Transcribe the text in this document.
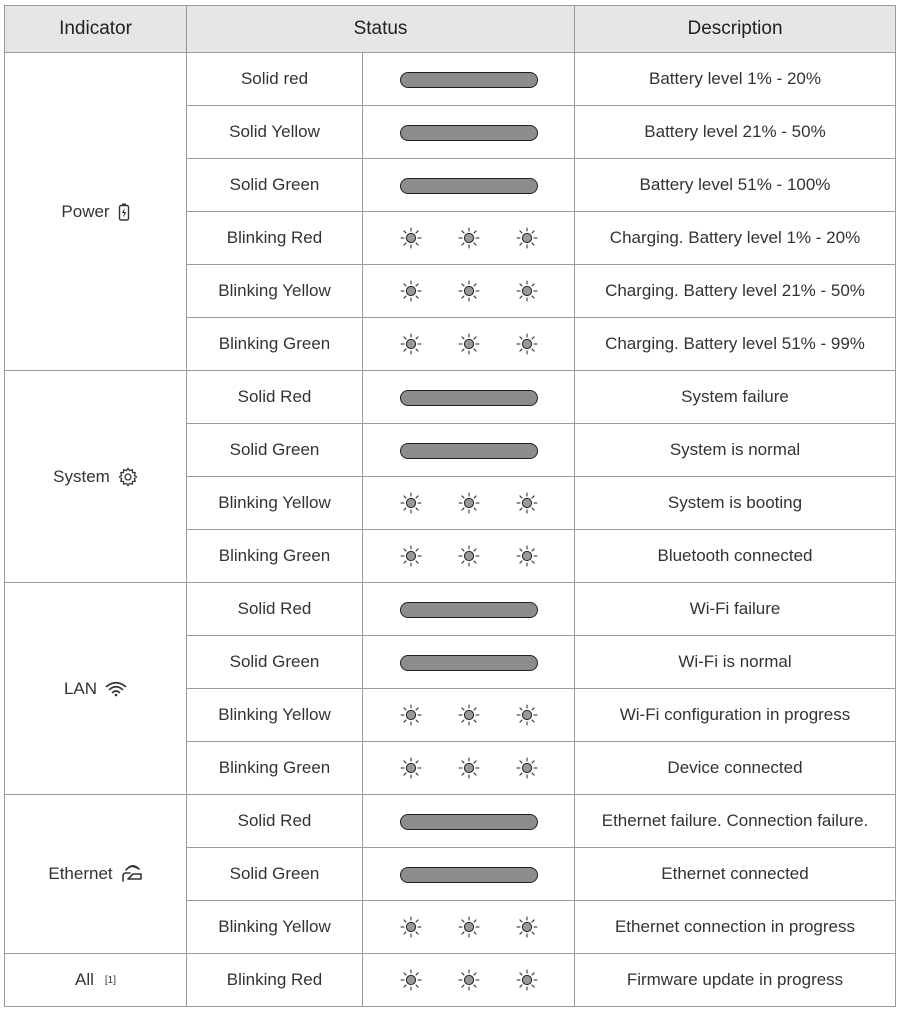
Indicator	Status		Description

Power	Solid red		Battery level 1% - 20%
	Solid Yellow		Battery level 21% - 50%
	Solid Green		Battery level 51% - 100%
	Blinking Red		Charging. Battery level 1% - 20%
	Blinking Yellow		Charging. Battery level 21% - 50%
	Blinking Green		Charging. Battery level 51% - 99%

System	Solid Red		System failure
	Solid Green		System is normal
	Blinking Yellow		System is booting
	Blinking Green		Bluetooth connected

LAN	Solid Red		Wi-Fi failure
	Solid Green		Wi-Fi is normal
	Blinking Yellow		Wi-Fi configuration in progress
	Blinking Green		Device connected

Ethernet	Solid Red		Ethernet failure. Connection failure.
	Solid Green		Ethernet connected
	Blinking Yellow		Ethernet connection in progress

All [1]	Blinking Red		Firmware update in progress
